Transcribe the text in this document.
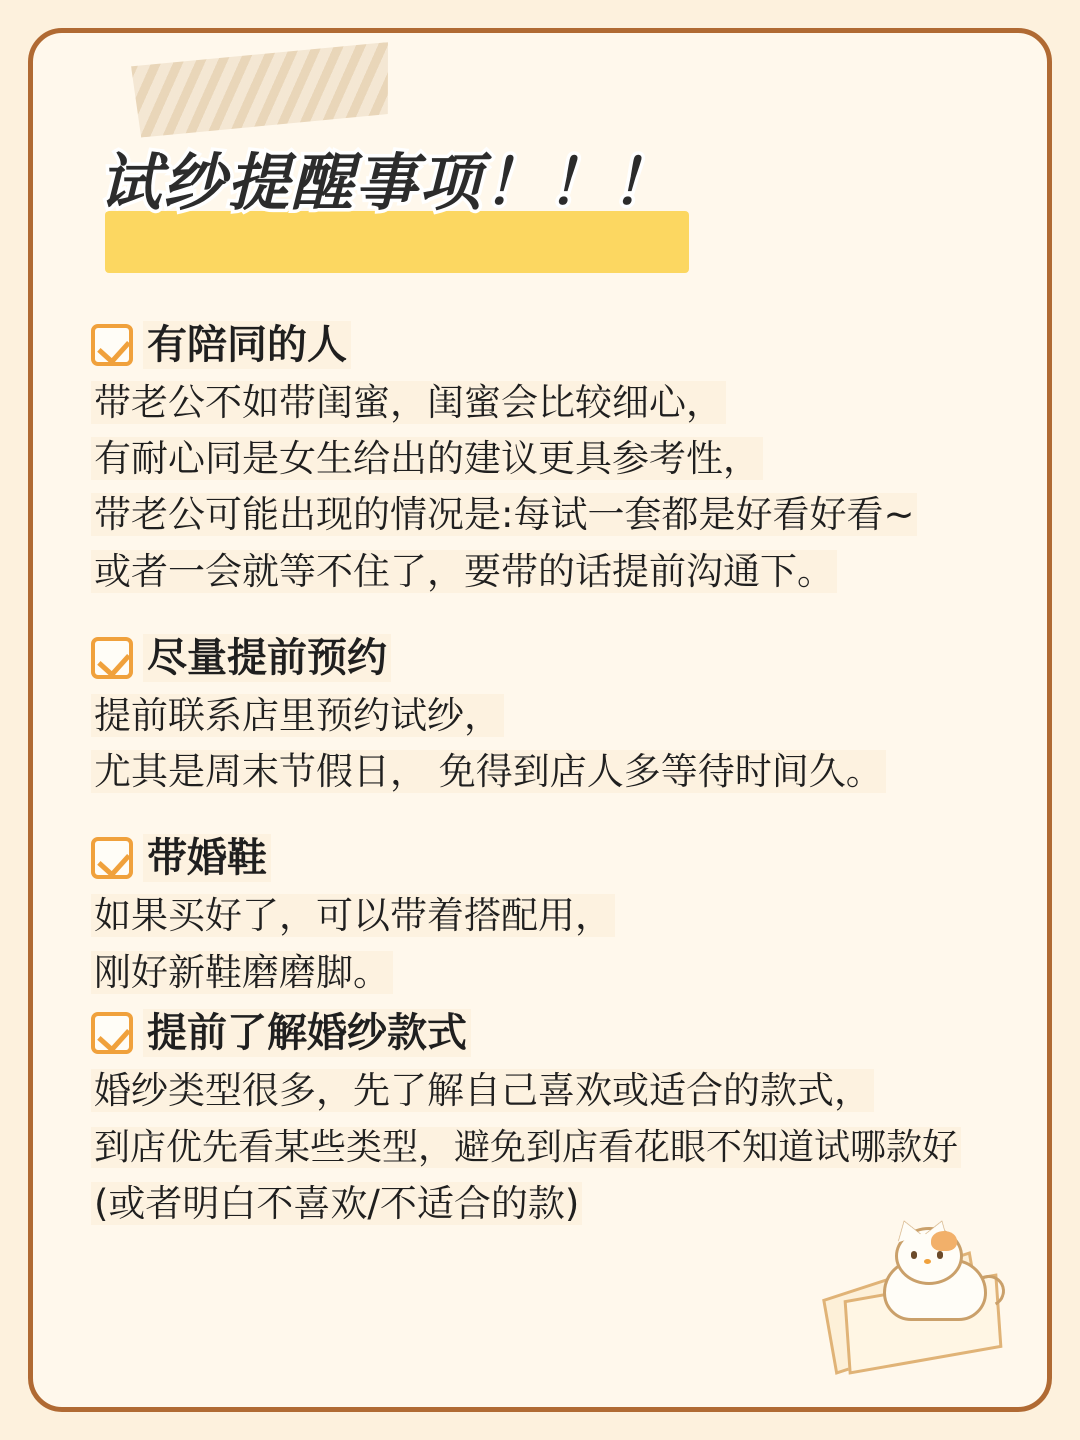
试纱提醒事项！！！
有陪同的人
带老公不如带闺蜜，闺蜜会比较细心，
有耐心同是女生给出的建议更具参考性，
带老公可能出现的情况是:每试一套都是好看好看~
或者一会就等不住了，要带的话提前沟通下。
尽量提前预约
提前联系店里预约试纱，
尤其是周末节假日， 免得到店人多等待时间久。
带婚鞋
如果买好了，可以带着搭配用，
刚好新鞋磨磨脚。
提前了解婚纱款式
婚纱类型很多，先了解自己喜欢或适合的款式，
到店优先看某些类型，避免到店看花眼不知道试哪款好
(或者明白不喜欢/不适合的款)
